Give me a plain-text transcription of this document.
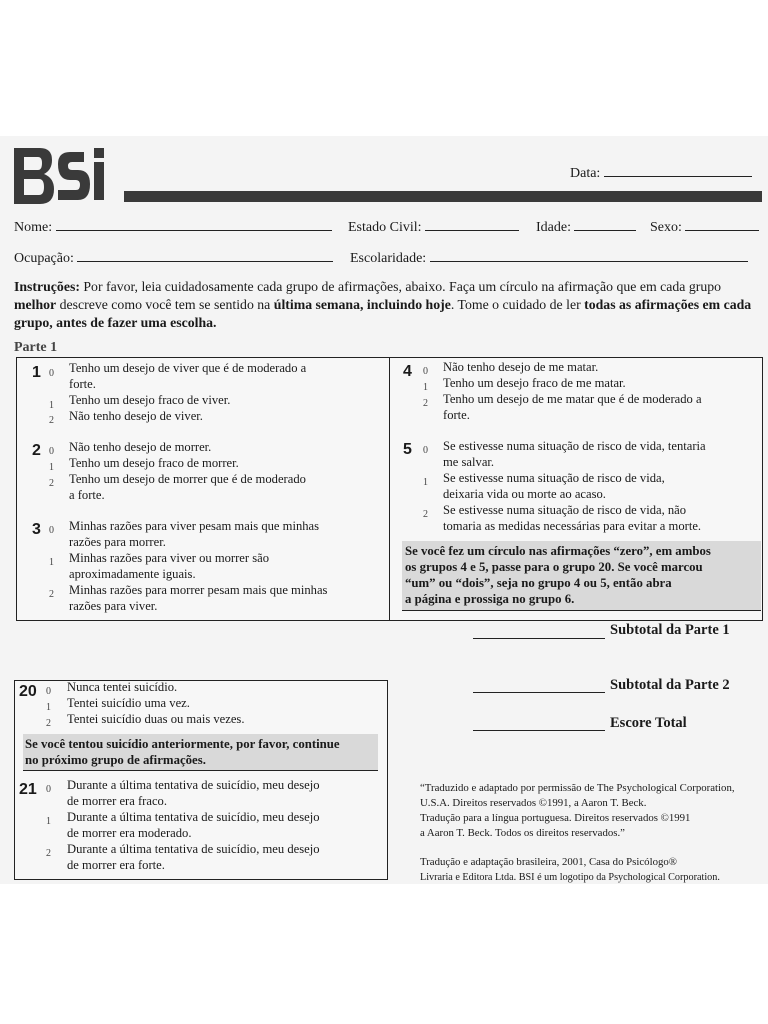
Data:
Nome:	Estado Civil:	Idade:	Sexo:
Ocupação:	Escolaridade:
Instruções: Por favor, leia cuidadosamente cada grupo de afirmações, abaixo. Faça um círculo na afirmação que em cada grupo melhor descreve como você tem se sentido na última semana, incluindo hoje. Tome o cuidado de ler todas as afirmações em cada grupo, antes de fazer uma escolha.
Parte 1
1 0 Tenho um desejo de viver que é de moderado a
forte.
1 Tenho um desejo fraco de viver.
2 Não tenho desejo de viver.
2 0 Não tenho desejo de morrer.
1 Tenho um desejo fraco de morrer.
2 Tenho um desejo de morrer que é de moderado
a forte.
3 0 Minhas razões para viver pesam mais que minhas
razões para morrer.
1 Minhas razões para viver ou morrer são
aproximadamente iguais.
2 Minhas razões para morrer pesam mais que minhas
razões para viver.
4 0 Não tenho desejo de me matar.
1 Tenho um desejo fraco de me matar.
2 Tenho um desejo de me matar que é de moderado a
forte.
5 0 Se estivesse numa situação de risco de vida, tentaria
me salvar.
1 Se estivesse numa situação de risco de vida,
deixaria vida ou morte ao acaso.
2 Se estivesse numa situação de risco de vida, não
tomaria as medidas necessárias para evitar a morte.
Se você fez um círculo nas afirmações “zero”, em ambos
os grupos 4 e 5, passe para o grupo 20. Se você marcou
“um” ou “dois”, seja no grupo 4 ou 5, então abra
a página e prossiga no grupo 6.
Subtotal da Parte 1
Subtotal da Parte 2
Escore Total
20 0 Nunca tentei suicídio.
1 Tentei suicídio uma vez.
2 Tentei suicídio duas ou mais vezes.
Se você tentou suicídio anteriormente, por favor, continue
no próximo grupo de afirmações.
21 0 Durante a última tentativa de suicídio, meu desejo
de morrer era fraco.
1 Durante a última tentativa de suicídio, meu desejo
de morrer era moderado.
2 Durante a última tentativa de suicídio, meu desejo
de morrer era forte.
“Traduzido e adaptado por permissão de The Psychological Corporation,
U.S.A. Direitos reservados ©1991, a Aaron T. Beck.
Tradução para a língua portuguesa. Direitos reservados ©1991
a Aaron T. Beck. Todos os direitos reservados.”
Tradução e adaptação brasileira, 2001, Casa do Psicólogo®
Livraria e Editora Ltda. BSI é um logotipo da Psychological Corporation.
